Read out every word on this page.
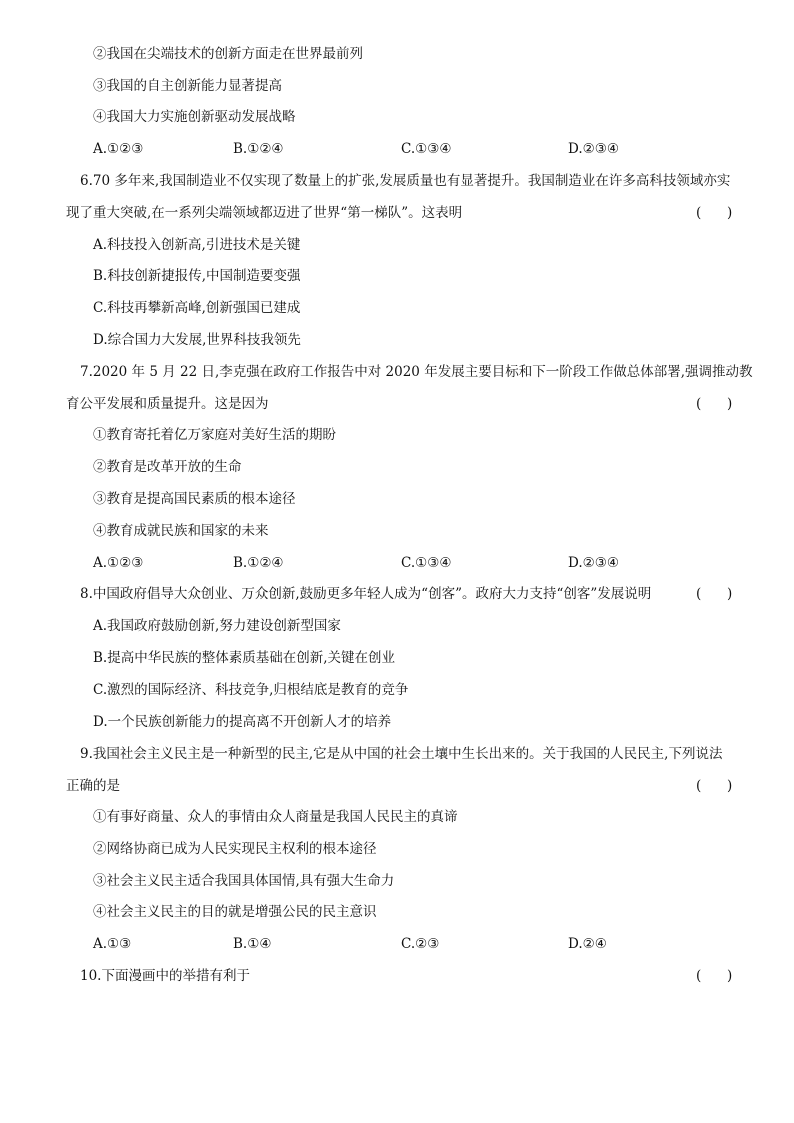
②我国在尖端技术的创新方面走在世界最前列
③我国的自主创新能力显著提高
④我国大力实施创新驱动发展战略
A.①②③	B.①②④	C.①③④	D.②③④
6.70 多年来,我国制造业不仅实现了数量上的扩张,发展质量也有显著提升。我国制造业在许多高科技领域亦实
现了重大突破,在一系列尖端领域都迈进了世界“第一梯队”。这表明	(      )
A.科技投入创新高,引进技术是关键
B.科技创新捷报传,中国制造要变强
C.科技再攀新高峰,创新强国已建成
D.综合国力大发展,世界科技我领先
7.2020 年 5 月 22 日,李克强在政府工作报告中对 2020 年发展主要目标和下一阶段工作做总体部署,强调推动教
育公平发展和质量提升。这是因为	(      )
①教育寄托着亿万家庭对美好生活的期盼
②教育是改革开放的生命
③教育是提高国民素质的根本途径
④教育成就民族和国家的未来
A.①②③	B.①②④	C.①③④	D.②③④
8.中国政府倡导大众创业、万众创新,鼓励更多年轻人成为“创客”。政府大力支持“创客”发展说明	(      )
A.我国政府鼓励创新,努力建设创新型国家
B.提高中华民族的整体素质基础在创新,关键在创业
C.激烈的国际经济、科技竞争,归根结底是教育的竞争
D.一个民族创新能力的提高离不开创新人才的培养
9.我国社会主义民主是一种新型的民主,它是从中国的社会土壤中生长出来的。关于我国的人民民主,下列说法
正确的是	(      )
①有事好商量、众人的事情由众人商量是我国人民民主的真谛
②网络协商已成为人民实现民主权利的根本途径
③社会主义民主适合我国具体国情,具有强大生命力
④社会主义民主的目的就是增强公民的民主意识
A.①③	B.①④	C.②③	D.②④
10.下面漫画中的举措有利于	(      )
